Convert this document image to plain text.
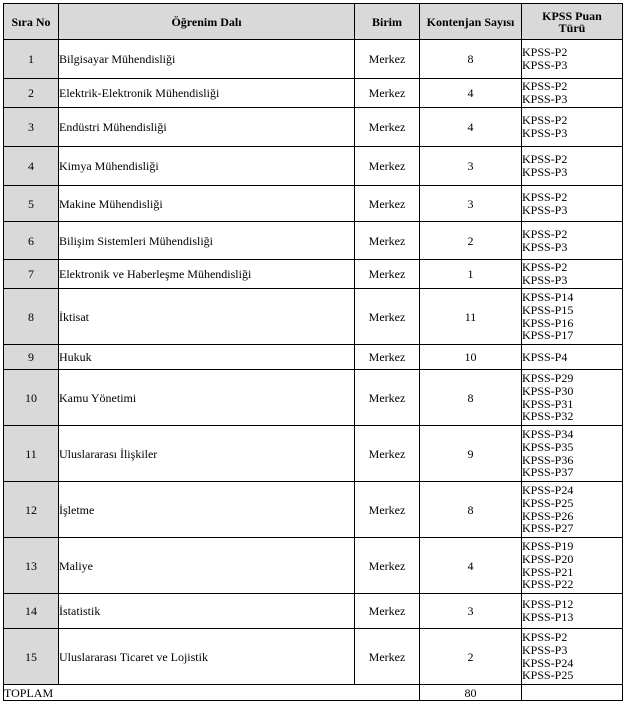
Sıra No	Öğrenim Dalı	Birim	Kontenjan Sayısı	KPSS Puan
Türü

1	Bilgisayar Mühendisliği	Merkez	8	KPSS-P2
KPSS-P3

2	Elektrik-Elektronik Mühendisliği	Merkez	4	KPSS-P2
KPSS-P3

3	Endüstri Mühendisliği	Merkez	4	KPSS-P2
KPSS-P3

4	Kimya Mühendisliği	Merkez	3	KPSS-P2
KPSS-P3

5	Makine Mühendisliği	Merkez	3	KPSS-P2
KPSS-P3

6	Bilişim Sistemleri Mühendisliği	Merkez	2	KPSS-P2
KPSS-P3

7	Elektronik ve Haberleşme Mühendisliği	Merkez	1	KPSS-P2
KPSS-P3

8	İktisat	Merkez	11	KPSS-P14
KPSS-P15
KPSS-P16
KPSS-P17

9	Hukuk	Merkez	10	KPSS-P4

10	Kamu Yönetimi	Merkez	8	KPSS-P29
KPSS-P30
KPSS-P31
KPSS-P32

11	Uluslararası İlişkiler	Merkez	9	KPSS-P34
KPSS-P35
KPSS-P36
KPSS-P37

12	İşletme	Merkez	8	KPSS-P24
KPSS-P25
KPSS-P26
KPSS-P27

13	Maliye	Merkez	4	KPSS-P19
KPSS-P20
KPSS-P21
KPSS-P22

14	İstatistik	Merkez	3	KPSS-P12
KPSS-P13

15	Uluslararası Ticaret ve Lojistik	Merkez	2	KPSS-P2
KPSS-P3
KPSS-P24
KPSS-P25

TOPLAM			80	
